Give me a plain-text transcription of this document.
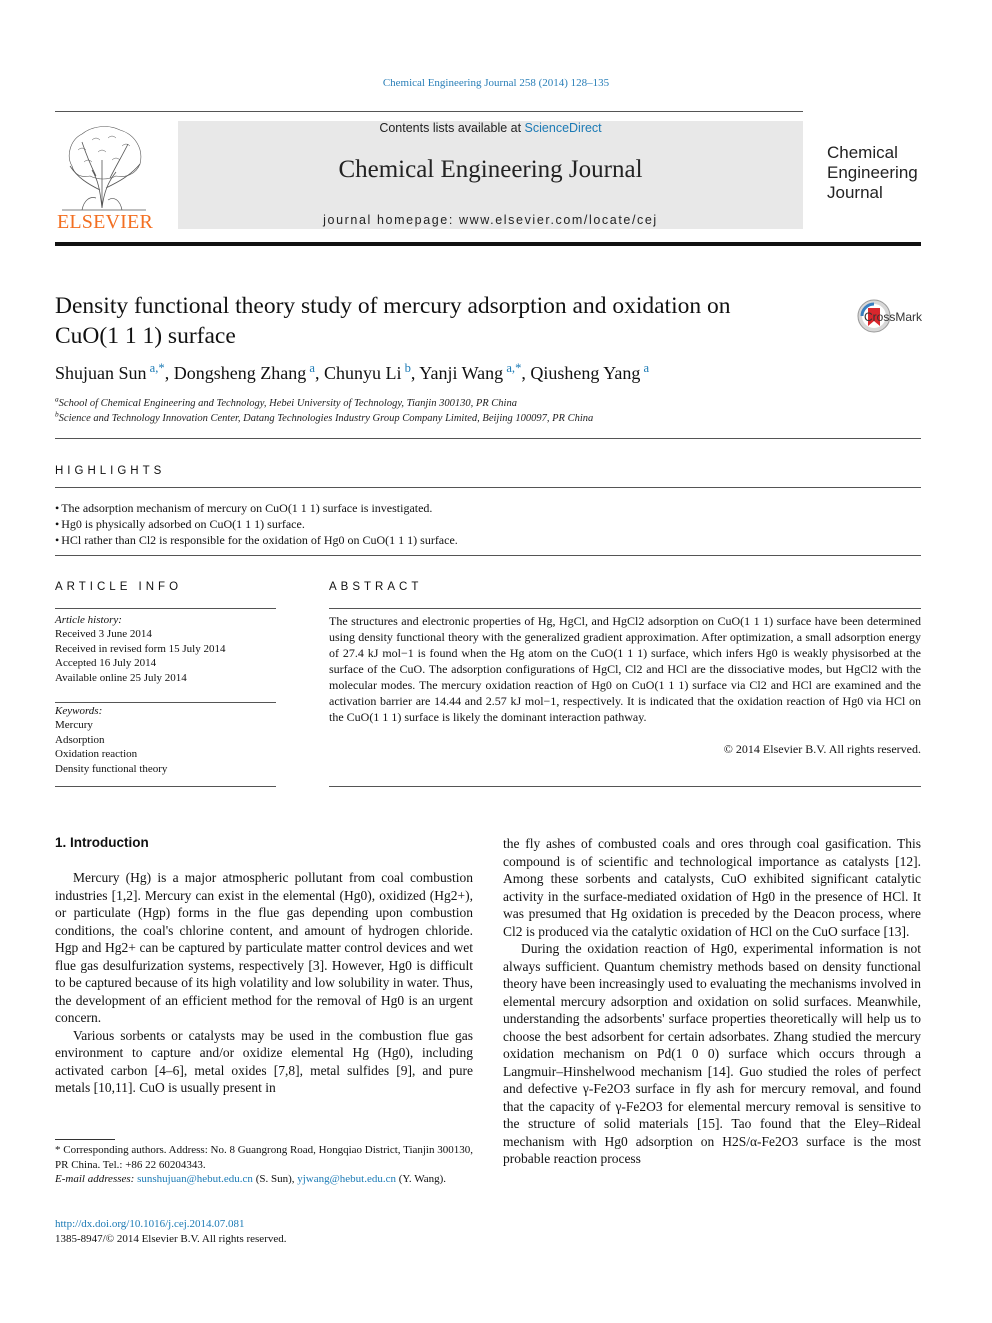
Chemical Engineering Journal 258 (2014) 128–135
ELSEVIER
Contents lists available at ScienceDirect
Chemical Engineering Journal
journal homepage: www.elsevier.com/locate/cej
Chemical
Engineering
Journal
Density functional theory study of mercury adsorption and oxidation on CuO(1 1 1) surface
CrossMark
Shujuan Sun $^{a,*}$, Dongsheng Zhang $^a$, Chunyu Li $^b$, Yanji Wang $^{a,*}$, Qiusheng Yang $^a$
$^a$School of Chemical Engineering and Technology, Hebei University of Technology, Tianjin 300130, PR China
$^b$Science and Technology Innovation Center, Datang Technologies Industry Group Company Limited, Beijing 100097, PR China
HIGHLIGHTS
• The adsorption mechanism of mercury on CuO(1 1 1) surface is investigated.
• Hg0 is physically adsorbed on CuO(1 1 1) surface.
• HCl rather than Cl2 is responsible for the oxidation of Hg0 on CuO(1 1 1) surface.
ARTICLE INFO
Article history:
Received 3 June 2014
Received in revised form 15 July 2014
Accepted 16 July 2014
Available online 25 July 2014
Keywords:
Mercury
Adsorption
Oxidation reaction
Density functional theory
ABSTRACT
The structures and electronic properties of Hg, HgCl, and HgCl2 adsorption on CuO(1 1 1) surface have been determined using density functional theory with the generalized gradient approximation. After optimization, a small adsorption energy of 27.4 kJ mol−1 is found when the Hg atom on the CuO(1 1 1) surface, which infers Hg0 is weakly physisorbed at the surface of the CuO. The adsorption configurations of HgCl, Cl2 and HCl are the dissociative modes, but HgCl2 with the molecular modes. The mercury oxidation reaction of Hg0 on CuO(1 1 1) surface via Cl2 and HCl are examined and the activation barrier are 14.44 and 2.57 kJ mol−1, respectively. It is indicated that the oxidation reaction of Hg0 via HCl on the CuO(1 1 1) surface is likely the dominant interaction pathway.
© 2014 Elsevier B.V. All rights reserved.
1. Introduction

Mercury (Hg) is a major atmospheric pollutant from coal combustion industries [1,2]. Mercury can exist in the elemental (Hg0), oxidized (Hg2+), or particulate (Hgp) forms in the flue gas depending upon combustion conditions, the coal's chlorine content, and amount of hydrogen chloride. Hgp and Hg2+ can be captured by particulate matter control devices and wet flue gas desulfurization systems, respectively [3]. However, Hg0 is difficult to be captured because of its high volatility and low solubility in water. Thus, the development of an efficient method for the removal of Hg0 is an urgent concern.

Various sorbents or catalysts may be used in the combustion flue gas environment to capture and/or oxidize elemental Hg (Hg0), including activated carbon [4–6], metal oxides [7,8], metal sulfides [9], and pure metals [10,11]. CuO is usually present in

the fly ashes of combusted coals and ores through coal gasification. This compound is of scientific and technological importance as catalysts [12]. Among these sorbents and catalysts, CuO exhibited significant catalytic activity in the surface-mediated oxidation of Hg0 in the presence of HCl. It was presumed that Hg oxidation is preceded by the Deacon process, where Cl2 is produced via the catalytic oxidation of HCl on the CuO surface [13].

During the oxidation reaction of Hg0, experimental information is not always sufficient. Quantum chemistry methods based on density functional theory have been increasingly used to evaluating the mechanisms involved in elemental mercury adsorption and oxidation on solid surfaces. Meanwhile, understanding the adsorbents' surface properties theoretically will help us to choose the best adsorbent for certain adsorbates. Zhang studied the mercury oxidation mechanism on Pd(1 0 0) surface which occurs through a Langmuir–Hinshelwood mechanism [14]. Guo studied the roles of perfect and defective γ-Fe2O3 surface in fly ash for mercury removal, and found that the capacity of γ-Fe2O3 for elemental mercury removal is sensitive to the structure of solid materials [15]. Tao found that the Eley–Rideal mechanism with Hg0 adsorption on H2S/α-Fe2O3 surface is the most probable reaction process

* Corresponding authors. Address: No. 8 Guangrong Road, Hongqiao District, Tianjin 300130, PR China. Tel.: +86 22 60204343.
E-mail addresses: sunshujuan@hebut.edu.cn (S. Sun), yjwang@hebut.edu.cn (Y. Wang).
http://dx.doi.org/10.1016/j.cej.2014.07.081
1385-8947/© 2014 Elsevier B.V. All rights reserved.
